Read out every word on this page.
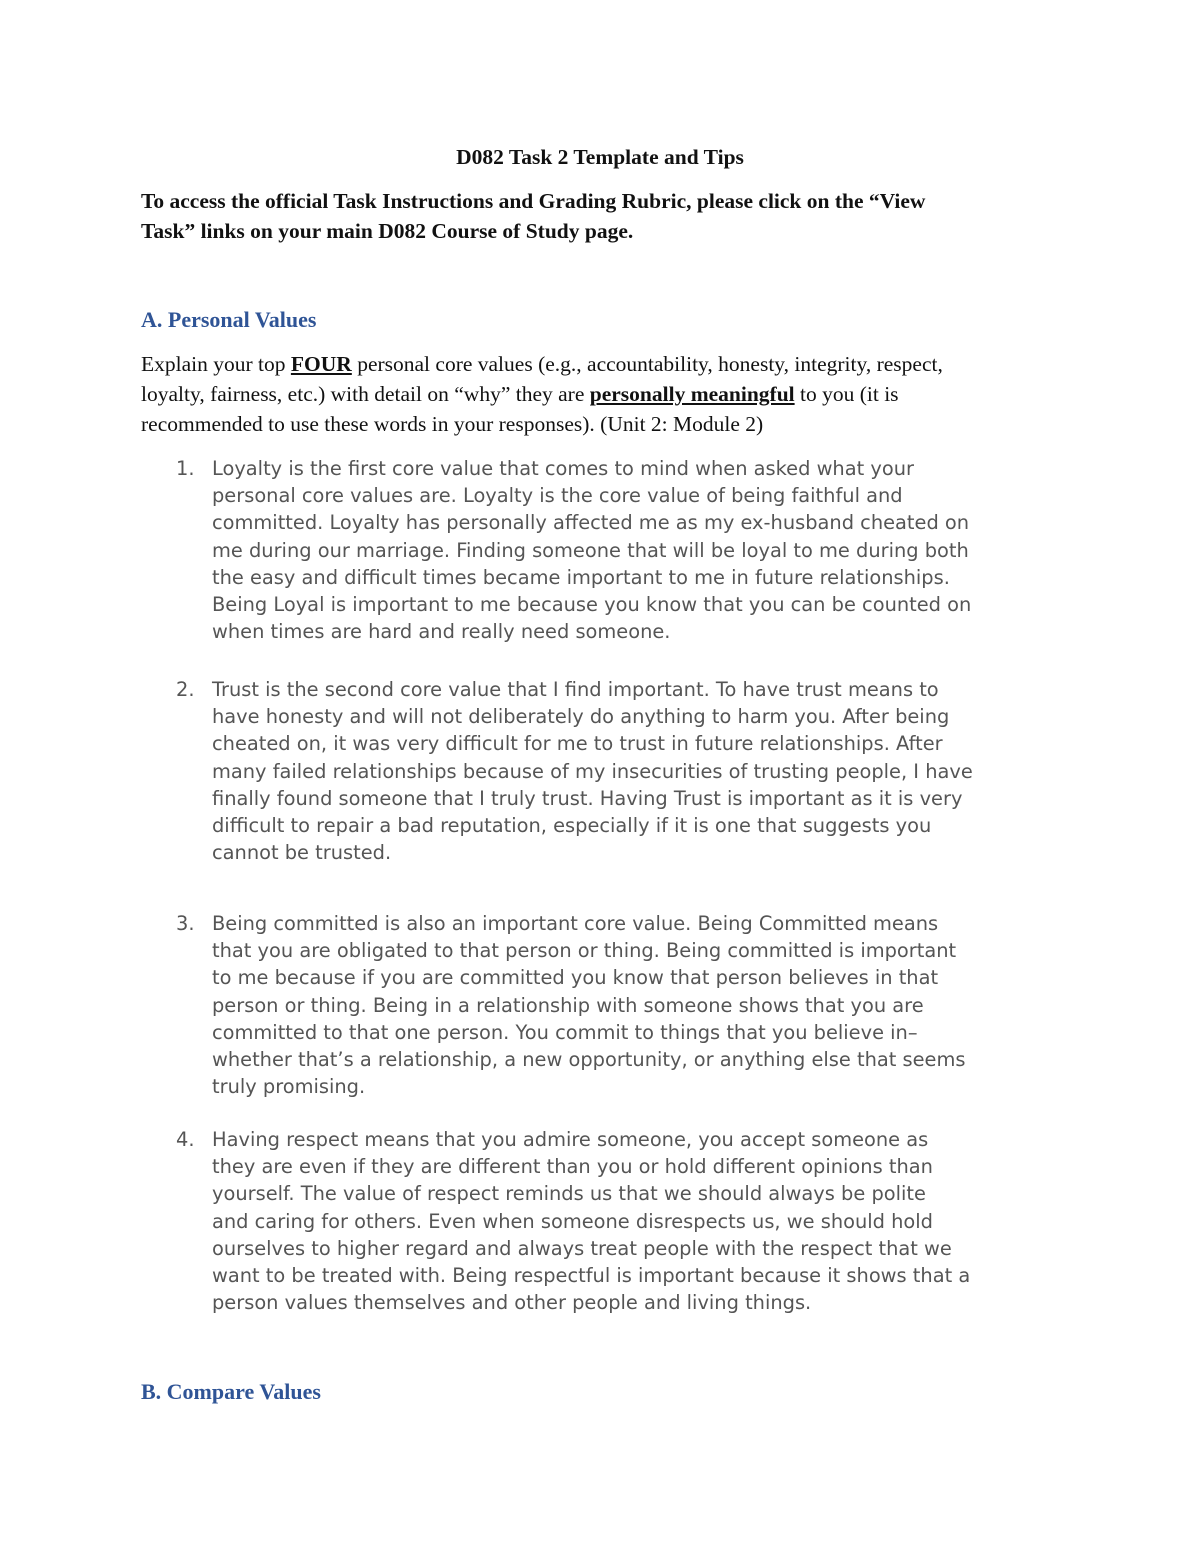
D082 Task 2 Template and Tips
To access the official Task Instructions and Grading Rubric, please click on the “View
Task” links on your main D082 Course of Study page.
A. Personal Values
Explain your top FOUR personal core values (e.g., accountability, honesty, integrity, respect,
loyalty, fairness, etc.) with detail on “why” they are personally meaningful to you (it is
recommended to use these words in your responses). (Unit 2: Module 2)
1. Loyalty is the first core value that comes to mind when asked what your
personal core values are. Loyalty is the core value of being faithful and
committed. Loyalty has personally affected me as my ex-husband cheated on
me during our marriage. Finding someone that will be loyal to me during both
the easy and difficult times became important to me in future relationships.
Being Loyal is important to me because you know that you can be counted on
when times are hard and really need someone.
2. Trust is the second core value that I find important. To have trust means to
have honesty and will not deliberately do anything to harm you. After being
cheated on, it was very difficult for me to trust in future relationships. After
many failed relationships because of my insecurities of trusting people, I have
finally found someone that I truly trust. Having Trust is important as it is very
difficult to repair a bad reputation, especially if it is one that suggests you
cannot be trusted.
3. Being committed is also an important core value. Being Committed means
that you are obligated to that person or thing. Being committed is important
to me because if you are committed you know that person believes in that
person or thing. Being in a relationship with someone shows that you are
committed to that one person. You commit to things that you believe in–
whether that’s a relationship, a new opportunity, or anything else that seems
truly promising.
4. Having respect means that you admire someone, you accept someone as
they are even if they are different than you or hold different opinions than
yourself. The value of respect reminds us that we should always be polite
and caring for others. Even when someone disrespects us, we should hold
ourselves to higher regard and always treat people with the respect that we
want to be treated with. Being respectful is important because it shows that a
person values themselves and other people and living things.
B. Compare Values
